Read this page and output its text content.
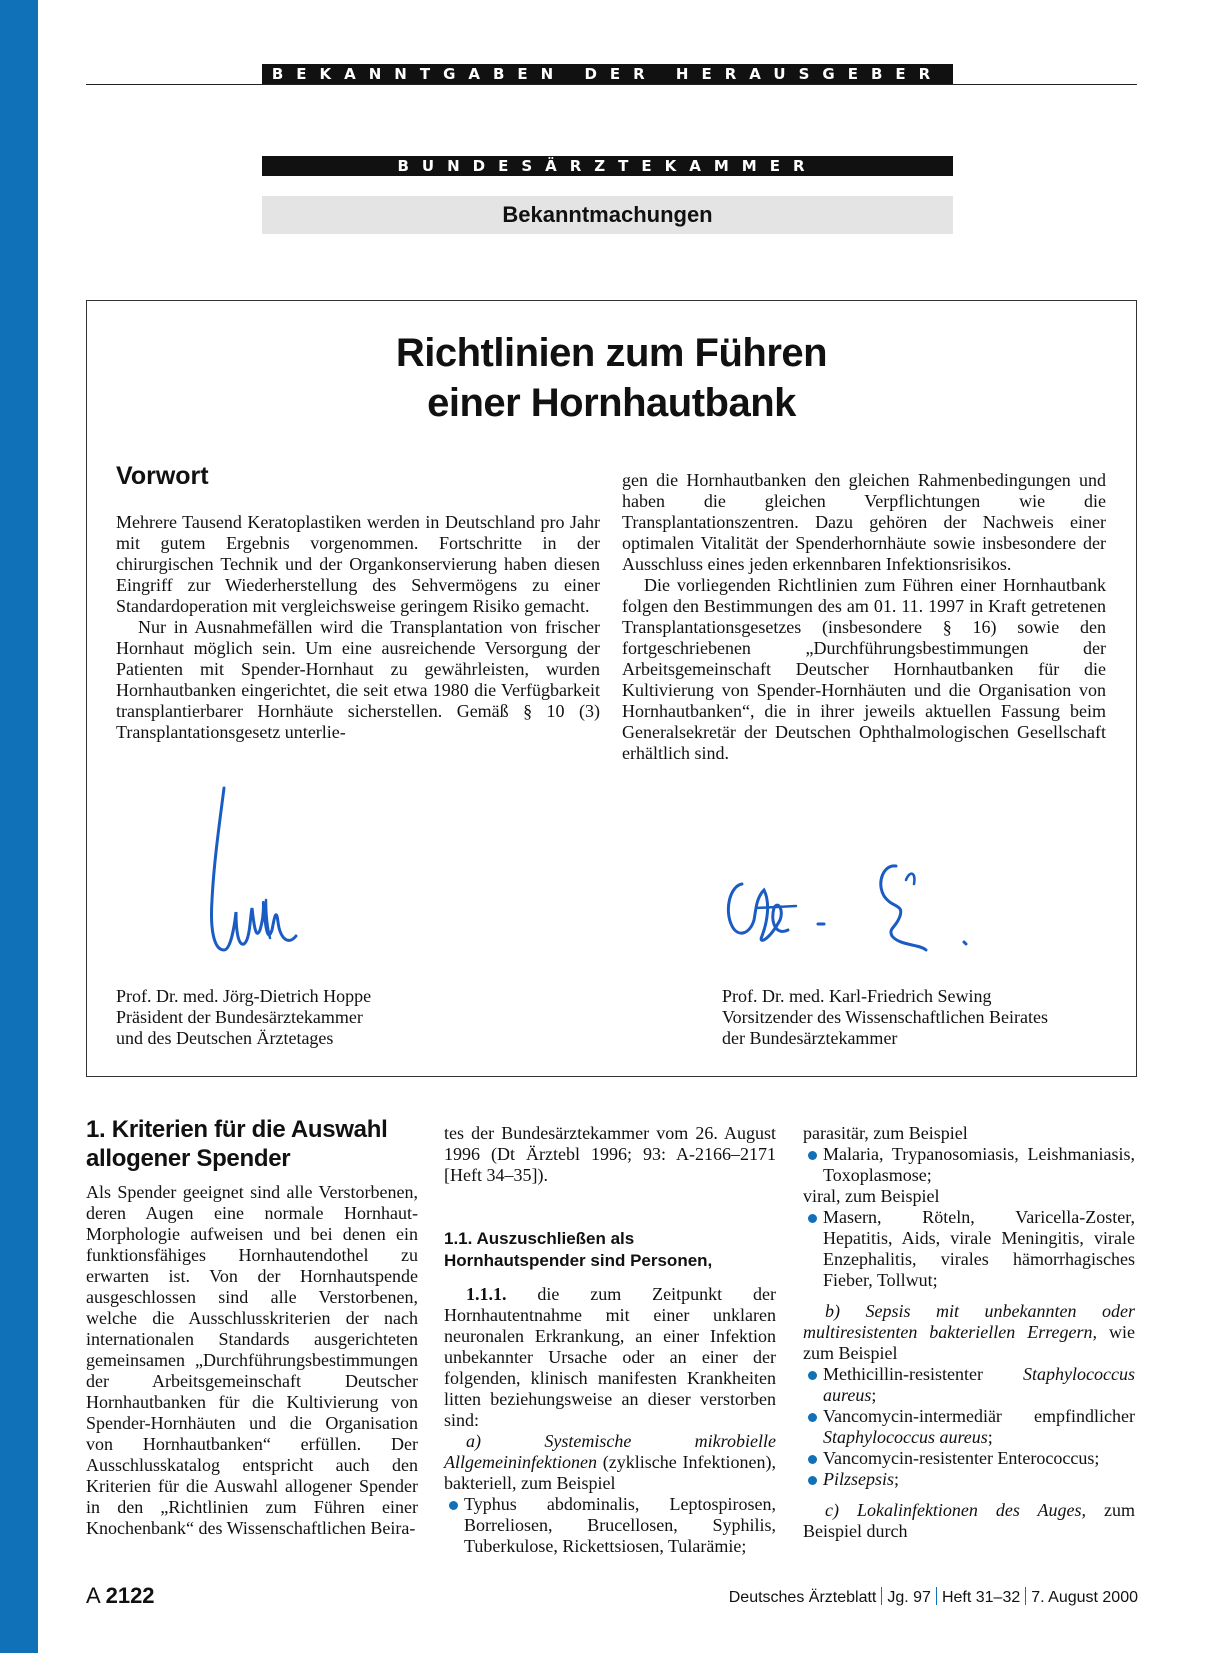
BEKANNTGABEN DER HERAUSGEBER
BUNDESÄRZTEKAMMER
Bekanntmachungen
Richtlinien zum Führen
einer Hornhautbank
Vorwort

Mehrere Tausend Keratoplastiken werden in Deutschland pro Jahr mit gutem Ergebnis vorgenommen. Fortschritte in der chirurgischen Technik und der Organkonservierung haben diesen Eingriff zur Wiederherstellung des Sehvermögens zu einer Standardoperation mit vergleichsweise geringem Risiko gemacht.

Nur in Ausnahmefällen wird die Transplantation von frischer Hornhaut möglich sein. Um eine ausreichende Versorgung der Patienten mit Spender-Hornhaut zu gewährleisten, wurden Hornhautbanken eingerichtet, die seit etwa 1980 die Verfügbarkeit transplantierbarer Hornhäute sicherstellen. Gemäß § 10 (3) Transplantationsgesetz unterlie-

gen die Hornhautbanken den gleichen Rahmenbedingungen und haben die gleichen Verpflichtungen wie die Transplantationszentren. Dazu gehören der Nachweis einer optimalen Vitalität der Spenderhornhäute sowie insbesondere der Ausschluss eines jeden erkennbaren Infektionsrisikos.

Die vorliegenden Richtlinien zum Führen einer Hornhautbank folgen den Bestimmungen des am 01. 11. 1997 in Kraft getretenen Transplantationsgesetzes (insbesondere § 16) sowie den fortgeschriebenen „Durchführungsbestimmungen der Arbeitsgemeinschaft Deutscher Hornhautbanken für die Kultivierung von Spender-Hornhäuten und die Organisation von Hornhautbanken“, die in ihrer jeweils aktuellen Fassung beim Generalsekretär der Deutschen Ophthalmologischen Gesellschaft erhältlich sind.

Prof. Dr. med. Jörg-Dietrich Hoppe
Präsident der Bundesärztekammer
und des Deutschen Ärztetages
Prof. Dr. med. Karl-Friedrich Sewing
Vorsitzender des Wissenschaftlichen Beirates
der Bundesärztekammer
1. Kriterien für die Auswahl allogener Spender

Als Spender geeignet sind alle Verstorbenen, deren Augen eine normale Hornhaut-Morphologie aufweisen und bei denen ein funktionsfähiges Hornhautendothel zu erwarten ist. Von der Hornhautspende ausgeschlossen sind alle Verstorbenen, welche die Ausschlusskriterien der nach internationalen Standards ausgerichteten gemeinsamen „Durchführungsbestimmungen der Arbeitsgemeinschaft Deutscher Hornhautbanken für die Kultivierung von Spender-Hornhäuten und die Organisation von Hornhautbanken“ erfüllen. Der Ausschlusskatalog entspricht auch den Kriterien für die Auswahl allogener Spender in den „Richtlinien zum Führen einer Knochenbank“ des Wissenschaftlichen Beira-

tes der Bundesärztekammer vom 26. August 1996 (Dt Ärztebl 1996; 93: A-2166–2171 [Heft 34–35]).

1.1. Auszuschließen als Hornhautspender sind Personen,

1.1.1. die zum Zeitpunkt der Hornhautentnahme mit einer unklaren neuronalen Erkrankung, an einer Infektion unbekannter Ursache oder an einer der folgenden, klinisch manifesten Krankheiten litten beziehungsweise an dieser verstorben sind:

a) Systemische mikrobielle Allgemeininfektionen (zyklische Infektionen), bakteriell, zum Beispiel

Typhus abdominalis, Leptospirosen, Borreliosen, Brucellosen, Syphilis, Tuberkulose, Rickettsiosen, Tularämie;

parasitär, zum Beispiel

Malaria, Trypanosomiasis, Leishmaniasis, Toxoplasmose;

viral, zum Beispiel

Masern, Röteln, Varicella-Zoster, Hepatitis, Aids, virale Meningitis, virale Enzephalitis, virales hämorrhagisches Fieber, Tollwut;

b) Sepsis mit unbekannten oder multiresistenten bakteriellen Erregern, wie zum Beispiel

Methicillin-resistenter Staphylococcus aureus;
Vancomycin-intermediär empfindlicher Staphylococcus aureus;
Vancomycin-resistenter Enterococcus;
Pilzsepsis;

c) Lokalinfektionen des Auges, zum Beispiel durch

A 2122	Deutsches Ärzteblatt Jg. 97 Heft 31–32 7. August 2000
